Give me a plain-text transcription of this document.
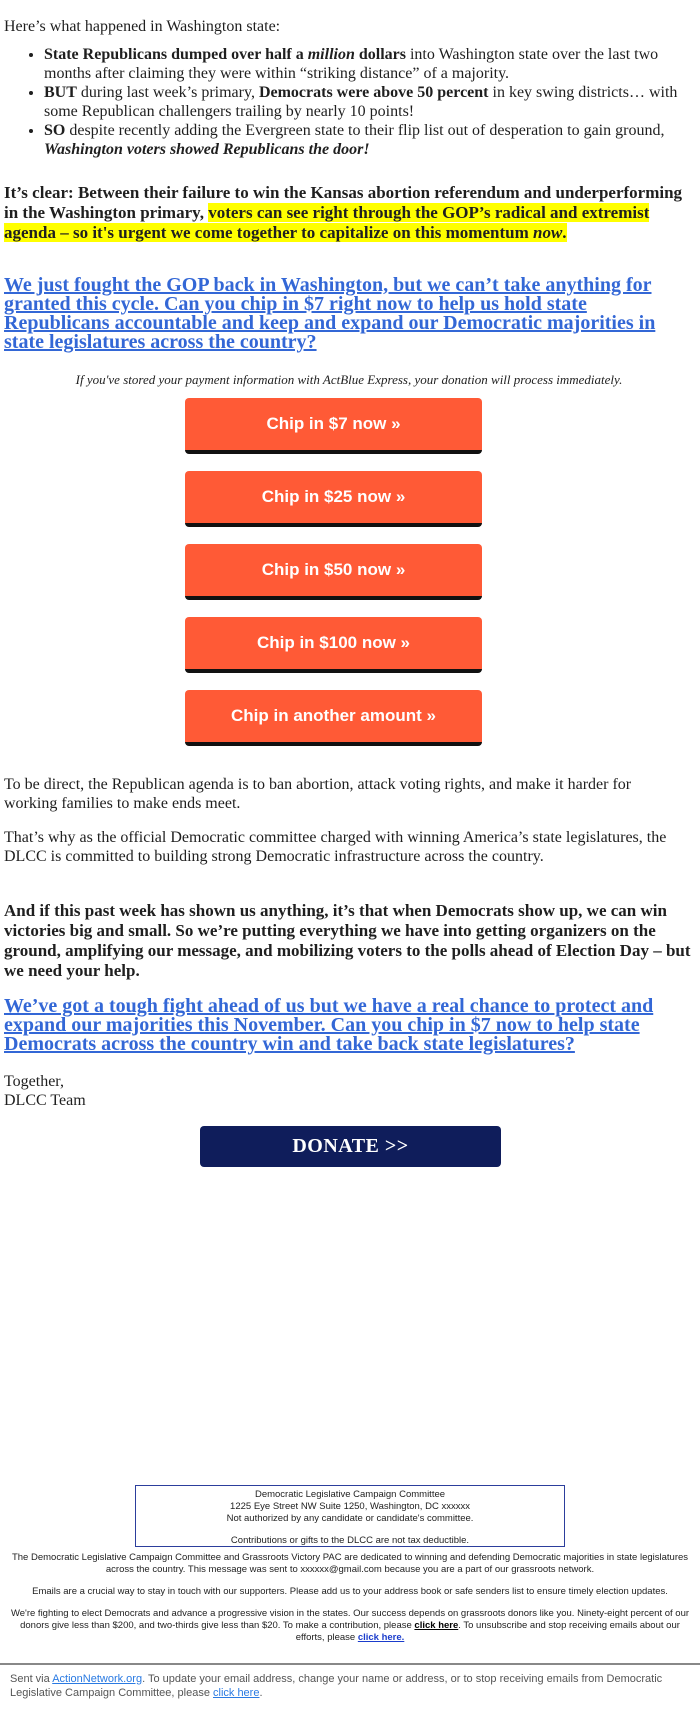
Here’s what happened in Washington state:

• State Republicans dumped over half a million dollars into Washington state over the last two months after claiming they were within “striking distance” of a majority.
• BUT during last week’s primary, Democrats were above 50 percent in key swing districts… with some Republican challengers trailing by nearly 10 points!
• SO despite recently adding the Evergreen state to their flip list out of desperation to gain ground, Washington voters showed Republicans the door!

It’s clear: Between their failure to win the Kansas abortion referendum and underperforming in the Washington primary, voters can see right through the GOP’s radical and extremist agenda – so it's urgent we come together to capitalize on this momentum now.

We just fought the GOP back in Washington, but we can’t take anything for granted this cycle. Can you chip in $7 right now to help us hold state Republicans accountable and keep and expand our Democratic majorities in state legislatures across the country?

If you've stored your payment information with ActBlue Express, your donation will process immediately.

Chip in $7 now »
Chip in $25 now »
Chip in $50 now »
Chip in $100 now »
Chip in another amount »

To be direct, the Republican agenda is to ban abortion, attack voting rights, and make it harder for working families to make ends meet.

That’s why as the official Democratic committee charged with winning America’s state legislatures, the DLCC is committed to building strong Democratic infrastructure across the country.

And if this past week has shown us anything, it’s that when Democrats show up, we can win victories big and small. So we’re putting everything we have into getting organizers on the ground, amplifying our message, and mobilizing voters to the polls ahead of Election Day – but we need your help.

We’ve got a tough fight ahead of us but we have a real chance to protect and expand our majorities this November. Can you chip in $7 now to help state Democrats across the country win and take back state legislatures?
Together,
DLCC Team
DONATE >>
Democratic Legislative Campaign Committee
1225 Eye Street NW Suite 1250, Washington, DC xxxxxx
Not authorized by any candidate or candidate's committee.
Contributions or gifts to the DLCC are not tax deductible.

The Democratic Legislative Campaign Committee and Grassroots Victory PAC are dedicated to winning and defending Democratic majorities in state legislatures across the country. This message was sent to xxxxxx@gmail.com because you are a part of our grassroots network.

Emails are a crucial way to stay in touch with our supporters. Please add us to your address book or safe senders list to ensure timely election updates.

We're fighting to elect Democrats and advance a progressive vision in the states. Our success depends on grassroots donors like you. Ninety-eight percent of our donors give less than $200, and two-thirds give less than $20. To make a contribution, please click here. To unsubscribe and stop receiving emails about our efforts, please click here.

Sent via ActionNetwork.org. To update your email address, change your name or address, or to stop receiving emails from Democratic Legislative Campaign Committee, please click here.
